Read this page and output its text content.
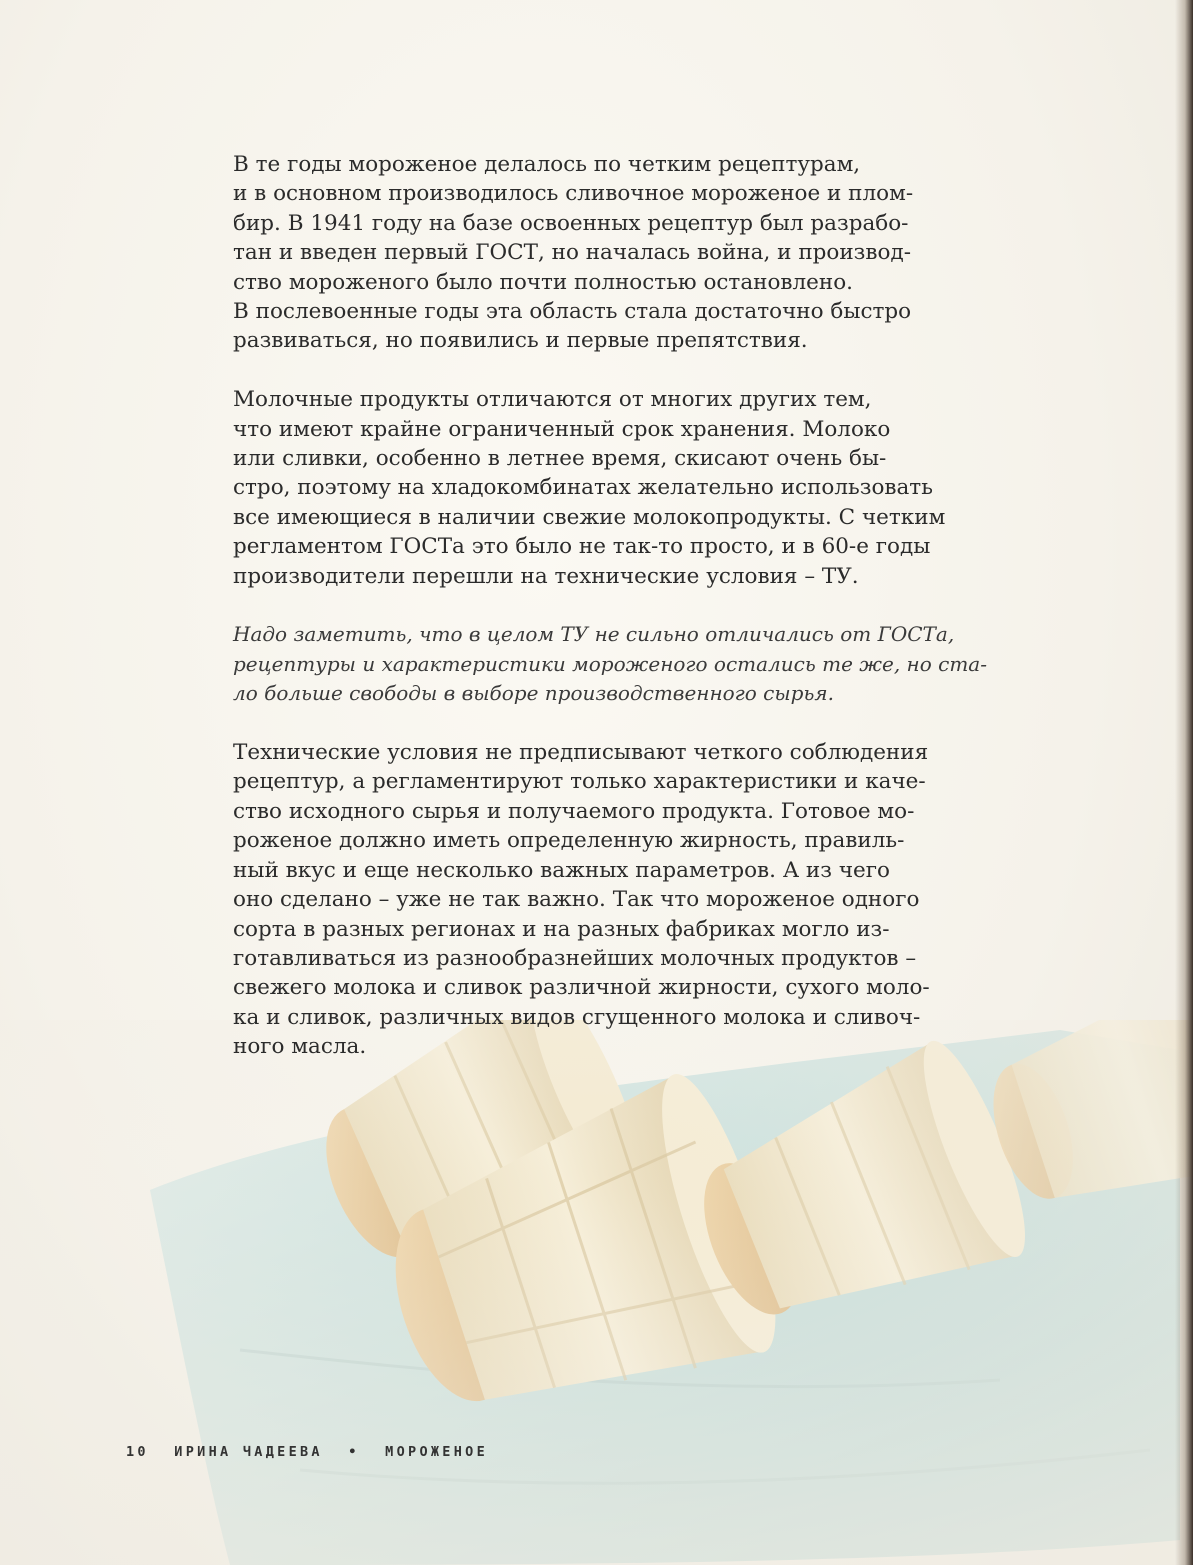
В те годы мороженое делалось по четким рецептурам,
и в основном производилось сливочное мороженое и плом-
бир. В 1941 году на базе освоенных рецептур был разрабо-
тан и введен первый ГОСТ, но началась война, и производ-
ство мороженого было почти полностью остановлено.
В послевоенные годы эта область стала достаточно быстро
развиваться, но появились и первые препятствия.

Молочные продукты отличаются от многих других тем,
что имеют крайне ограниченный срок хранения. Молоко
или сливки, особенно в летнее время, скисают очень бы-
стро, поэтому на хладокомбинатах желательно использовать
все имеющиеся в наличии свежие молокопродукты. С четким
регламентом ГОСТа это было не так-то просто, и в 60-е годы
производители перешли на технические условия – ТУ.

Надо заметить, что в целом ТУ не сильно отличались от ГОСТа,
рецептуры и характеристики мороженого остались те же, но ста-
ло больше свободы в выборе производственного сырья.

Технические условия не предписывают четкого соблюдения
рецептур, а регламентируют только характеристики и каче-
ство исходного сырья и получаемого продукта. Готовое мо-
роженое должно иметь определенную жирность, правиль-
ный вкус и еще несколько важных параметров. А из чего
оно сделано – уже не так важно. Так что мороженое одного
сорта в разных регионах и на разных фабриках могло из-
готавливаться из разнообразнейших молочных продуктов –
свежего молока и сливок различной жирности, сухого моло-
ка и сливок, различных видов сгущенного молока и сливоч-
ного масла.

10 ИРИНА ЧАДЕЕВА • МОРОЖЕНОЕ
